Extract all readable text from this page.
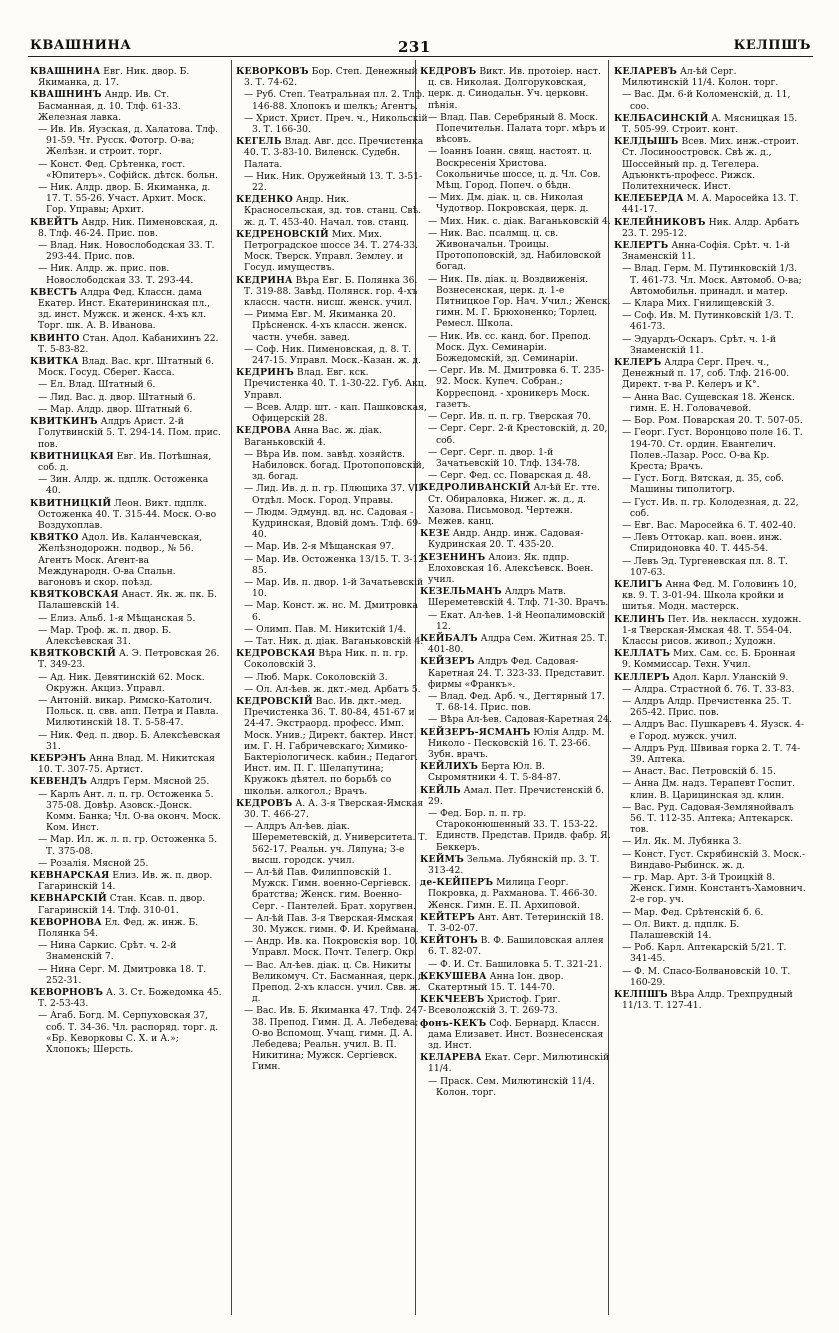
КВАШНИНА	231	КЕЛПШЪ
КВАШНИНА Евг. Ник. двор. Б. Якиманка, д. 17.
КВАШНИНЪ Андр. Ив. Ст. Басманная, д. 10. Тлф. 61-33. Железная лавка.
— Ив. Ив. Яузская, д. Халатова. Тлф. 91-59. Чт. Русск. Фотогр. О-ва; Желѣзн. и строит. торг.
— Конст. Фед. Срѣтенка, гост. «Юпитеръ». Софійск. дѣтск. больн.
— Ник. Алдр. двор. Б. Якиманка, д. 17. Т. 55-26. Участ. Архит. Моск. Гор. Управы; Архит.
КВЕЙТЪ Андр. Ник. Пименовская, д. 8. Тлф. 46-24. Прис. пов.
— Влад. Ник. Новослободская 33. Т. 293-44. Прис. пов.
— Ник. Алдр. ж. прис. пов. Новослободская 33. Т. 293-44.
КВЕСТЪ Алдра Фед. Классн. дама Екатер. Инст. Екатерининская пл., зд. инст. Мужск. и женск. 4-хъ кл. Торг. шк. А. В. Иванова.
КВИНТО Стан. Адол. Кабанихинъ 22. Т. 5-83-82.
КВИТКА Влад. Вас. крг. Штатный 6. Моск. Госуд. Сберег. Касса.
— Ел. Влад. Штатный 6.
— Лид. Вас. д. двор. Штатный 6.
— Мар. Алдр. двор. Штатный 6.
КВИТКИНЪ Алдръ Арист. 2-й Голутвинскій 5. Т. 294-14. Пом. прис. пов.
КВИТНИЦКАЯ Евг. Ив. Потѣшная, соб. д.
— Зин. Алдр. ж. пдплк. Остоженка 40.
КВИТНИЦКІЙ Леон. Викт. пдплк. Остоженка 40. Т. 315-44. Моск. О-во Воздухоплав.
КВЯТКО Адол. Ив. Каланчевская, Желѣзнодорожн. подвор., № 56. Агентъ Моск. Агент-ва Международн. О-ва Спальн. вагоновъ и скор. поѣзд.
КВЯТКОВСКАЯ Анаст. Як. ж. пк. Б. Палашевскій 14.
— Елиз. Альб. 1-я Мѣщанская 5.
— Мар. Троф. ж. п. двор. Б. Алексѣевская 31.
КВЯТКОВСКІЙ А. Э. Петровская 26. Т. 349-23.
— Ад. Ник. Девятинскій 62. Моск. Окружн. Акциз. Управл.
— Антоній. викар. Римско-Католич. Польск. ц. свв. апп. Петра и Павла. Милютинскій 18. Т. 5-58-47.
— Ник. Фед. п. двор. Б. Алексѣевская 31.
КЕБРЭНЪ Анна Влад. М. Никитская 10. Т. 307-75. Артист.
КЕВЕНДЪ Алдръ Герм. Мясной 25.
— Карлъ Ант. л. п. гр. Остоженка 5. 375-08. Довѣр. Азовск.-Донск. Комм. Банка; Чл. О-ва оконч. Моск. Ком. Инст.
— Мар. Ил. ж. л. п. гр. Остоженка 5. Т. 375-08.
— Розалія. Мясной 25.
КЕВНАРСКАЯ Елиз. Ив. ж. п. двор. Гагаринскій 14.
КЕВНАРСКІЙ Стан. Ксав. п. двор. Гагаринскій 14. Тлф. 310-01.
КЕВОРНОВА Ел. Фед. ж. инж. Б. Полянка 54.
— Нина Саркис. Срѣт. ч. 2-й Знаменскій 7.
— Нина Серг. М. Дмитровка 18. Т. 252-31.
КЕВОРНОВЪ А. 3. Ст. Божедомка 45. Т. 2-53-43.
— Агаб. Богд. М. Серпуховская 37, соб. Т. 34-36. Чл. распоряд. торг. д. «Бр. Кеворковы С. Х. и А.»; Хлопокъ; Шерсть.
КЕВОРКОВЪ Бор. Степ. Денежный 3. Т. 74-62.
— Руб. Степ. Театральная пл. 2. Тлф. 146-88. Хлопокъ и шелкъ; Агентъ.
— Христ. Христ. Преч. ч., Никольскій 3. Т. 166-30.
КЕГЕЛЬ Влад. Авг. дсс. Пречистенка 40. Т. 3-83-10. Виленск. Судебн. Палата.
— Ник. Ник. Оружейный 13. Т. 3-51-22.
КЕДЕНКО Андр. Ник. Красносельская, зд. тов. станц. Свѣ. ж. д. Т. 453-40. Начал. тов. станц.
КЕДРЕНОВСКІЙ Мих. Мих. Петроградское шоссе 34. Т. 274-33. Моск. Тверск. Управл. Землеу. и Госуд. имуществъ.
КЕДРИНА Вѣра Евг. Б. Полянка 36. Т. 319-88. Завѣд. Полянск. гор. 4-хъ классн. частн. нисш. женск. учил.
— Римма Евг. М. Якиманка 20. Прѣсненск. 4-хъ классн. женск. частн. учебн. завед.
— Соф. Ник. Пименовская, д. 8. Т. 247-15. Управл. Моск.-Казан. ж. д.
КЕДРИНЪ Влад. Евг. кск. Пречистенка 40. Т. 1-30-22. Губ. Акц. Управл.
— Всев. Алдр. шт. - кап. Пашковская, Офицерскій 28.
КЕДРОВА Анна Вас. ж. діак. Ваганьковскій 4.
— Вѣра Ив. пом. завѣд. хозяйств. Набиловск. богад. Протопоповскій, зд. богад.
— Лид. Ив. д. п. гр. Плющиха 37. VII Отдѣл. Моск. Город. Управы.
— Людм. Эдмунд. вд. нс. Садовая - Кудринская, Вдовій домъ. Тлф. 69-40.
— Мар. Ив. 2-я Мѣщанская 97.
— Мар. Ив. Остоженка 13/15. Т. 3-12-85.
— Мар. Ив. п. двор. 1-й Зачатьевскій 10.
— Мар. Конст. ж. нс. М. Дмитровка 6.
— Олимп. Пав. М. Никитскій 1/4.
— Тат. Ник. д. діак. Ваганьковскій 4.
КЕДРОВСКАЯ Вѣра Ник. п. п. гр. Соколовскій 3.
— Люб. Марк. Соколовскій 3.
— Ол. Ал-ѣев. ж. дкт.-мед. Арбатъ 5.
КЕДРОВСКІЙ Вас. Ив. дкт.-мед. Пречистенка 36. Т. 80-84, 451-67 и 24-47. Экстраорд. професс. Имп. Моск. Унив.; Директ. бактер. Инст. им. Г. Н. Габричевскаго; Химико-Бактеріологическ. кабин.; Педагог. Инст. им. П. Г. Шелапутина; Кружокъ дѣятел. по борьбѣ со школьн. алкогол.; Врачъ.
КЕДРОВЪ А. А. 3-я Тверская-Ямская 30. Т. 466-27.
— Алдръ Ал-ѣев. діак. Шереметевскій, д. Университета. Т. 562-17. Реальн. уч. Ляпуна; 3-е высш. городск. учил.
— Ал-ѣй Пав. Филипповскій 1. Мужск. Гимн. военно-Сергіевск. братства; Женск. гим. Военно-Серг. - Пантелей. Брат. хоругвен.
— Ал-ѣй Пав. 3-я Тверская-Ямская 30. Мужск. гимн. Ф. И. Креймана.
— Андр. Ив. ка. Покровскія вор. 10. Управл. Моск. Почт. Телегр. Окр.
— Вас. Ал-ѣев. діак. ц. Св. Никиты Великомуч. Ст. Басманная, церк. д. Препод. 2-хъ классн. учил. Свв. ж. д.
— Вас. Ив. Б. Якиманка 47. Тлф. 247-38. Препод. Гимн. Д. А. Лебедева; О-во Вспомощ. Учащ. гимн. Д. А. Лебедева; Реальн. учил. В. П. Никитина; Мужск. Сергіевск. Гимн.
КЕДРОВЪ Викт. Ив. протоіер. наст. ц. св. Николая. Долгоруковская, церк. д. Синодальн. Уч. церковн. пѣнія.
— Влад. Пав. Серебряный 8. Моск. Попечительн. Палата торг. мѣръ и вѣсовъ.
— Іоаннъ Іоанн. свящ. настоят. ц. Воскресенія Христова. Сокольничье шоссе, ц. д. Чл. Сов. Мѣщ. Город. Попеч. о бѣдн.
— Мих. Дм. діак. ц. св. Николая Чудотвор. Покровская, церк. д.
— Мих. Ник. с. діак. Ваганьковскій 4.
— Ник. Вас. псалмщ. ц. св. Живоначальн. Троицы. Протопоповскій, зд. Набиловской богад.
— Ник. Пв. діак. ц. Воздвиженія. Вознесенская, церк. д. 1-е Пятницкое Гор. Нач. Учил.; Женск. гимн. М. Г. Брюхоненко; Торлец. Ремесл. Школа.
— Ник. Ив. сс. канд. бог. Препод. Моск. Дух. Семинаріи. Божедомскій, зд. Семинаріи.
— Серг. Ив. М. Дмитровка 6. Т. 235-92. Моск. Купеч. Собран.; Корреспонд. - хроникеръ Моск. газетъ.
— Серг. Ив. п. п. гр. Тверская 70.
— Серг. Серг. 2-й Крестовскій, д. 20, соб.
— Серг. Серг. п. двор. 1-й Зачатьевскій 10. Тлф. 134-78.
— Серг. Фед. сс. Поварская д. 48.
КЕДРОЛИВАНСКІЙ Ал-ѣй Ег. тте. Ст. Обираловка, Нижег. ж. д., д. Хазова. Письмовод. Чертежн. Межев. канц.
КЕЗЕ Андр. Андр. инж. Садовая-Кудринская 20. Т. 435-20.
КЕЗЕНИНЪ Алоиз. Як. пдпр. Елоховская 16. Алексѣевск. Воен. учил.
КЕЗЕЛЬМАНЪ Алдръ Матв. Шереметевскій 4. Тлф. 71-30. Врачъ.
— Екат. Ал-ѣев. 1-й Неопалимовскій 12.
КЕЙБАЛЪ Алдра Сем. Житная 25. Т. 401-80.
КЕЙЗЕРЪ Алдръ Фед. Садовая-Каретная 24. Т. 323-33. Представит. фирмы «Франкъ».
— Влад. Фед. Арб. ч., Дегтярный 17. Т. 68-14. Прис. пов.
— Вѣра Ал-ѣев. Садовая-Каретная 24.
КЕЙЗЕРЪ-ЯСМАНЪ Юлія Алдр. М. Николо - Песковскій 16. Т. 23-66. Зубн. врачъ.
КЕЙЛИХЪ Берта Юл. В. Сыромятники 4. Т. 5-84-87.
КЕЙЛЬ Амал. Пет. Пречистенскій б. 29.
— Фед. Бор. п. п. гр. Староконюшенный 33. Т. 153-22. Единств. Представ. Придв. фабр. Я. Беккеръ.
КЕЙМЪ Зельма. Лубянскій пр. 3. Т. 313-42.
де-КЕЙПЕРЪ Милица Георг. Покровка, д. Рахманова. Т. 466-30. Женск. Гимн. Е. П. Архиповой.
КЕЙТЕРЪ Ант. Ант. Тетеринскій 18. Т. 3-02-07.
КЕЙТОНЪ В. Ф. Башиловская аллея 6. Т. 82-07.
— Ф. И. Ст. Башиловка 5. Т. 321-21.
КЕКУШЕВА Анна Іон. двор. Скатертный 15. Т. 144-70.
КЕКЧЕЕВЪ Христоф. Григ. Всеволожскій 3. Т. 269-73.
фонъ-КЕКЪ Соф. Бернард. Классн. дама Елизавет. Инст. Вознесенская зд. Инст.
КЕЛАРЕВА Екат. Серг. Милютинскій 11/4.
— Праск. Сем. Милютинскій 11/4. Колон. торг.
КЕЛАРЕВЪ Ал-ѣй Серг. Милютинскій 11/4. Колон. торг.
— Вас. Дм. 6-й Коломенскій, д. 11, соо.
КЕЛБАСИНСКІЙ А. Мясницкая 15. Т. 505-99. Строит. конт.
КЕЛДЫШЪ Всев. Мих. инж.-строит. Ст. Лосиноостровск. Свѣ ж. д., Шоссейный пр. д. Тегелера. Адъюнктъ-професс. Рижск. Политехническ. Инст.
КЕЛЕБЕРДА М. А. Маросейка 13. Т. 441-17.
КЕЛЕЙНИКОВЪ Ник. Алдр. Арбатъ 23. Т. 295-12.
КЕЛЕРТЪ Анна-Софія. Срѣт. ч. 1-й Знаменскій 11.
— Влад. Герм. М. Путинковскій 1/3. Т. 461-73. Чл. Моск. Автомоб. О-ва; Автомобильн. принадл. и матер.
— Клара Мих. Гнилищевскій 3.
— Соф. Ив. М. Путинковскій 1/3. Т. 461-73.
— Эдуардъ-Оскаръ. Срѣт. ч. 1-й Знаменскій 11.
КЕЛЕРЪ Алдра Серг. Преч. ч., Денежный п. 17, соб. Тлф. 216-00. Директ. т-ва Р. Келеръ и К°.
— Анна Вас. Сущевская 18. Женск. гимн. Е. Н. Головачевой.
— Бор. Ром. Поварская 20. Т. 507-05.
— Георг. Густ. Воронцово поле 16. Т. 194-70. Ст. ордин. Евангелич. Полев.-Лазар. Росс. О-ва Кр. Креста; Врачъ.
— Густ. Богд. Вятская, д. 35, соб. Машины типолитогр.
— Густ. Ив. п. гр. Колодезная, д. 22, соб.
— Евг. Вас. Маросейка 6. Т. 402-40.
— Левъ Оттокар. кап. воен. инж. Спиридоновка 40. Т. 445-54.
— Левъ Эд. Тургеневская пл. 8. Т. 107-63.
КЕЛИГЪ Анна Фед. М. Головинъ 10, кв. 9. Т. 3-01-94. Школа кройки и шитья. Модн. мастерск.
КЕЛИНЪ Пет. Ив. неклассн. художн. 1-я Тверская-Ямская 48. Т. 554-04. Классы рисов. живоп.; Художн.
КЕЛЛАТЪ Мих. Сам. сс. Б. Бронная 9. Коммиссар. Техн. Учил.
КЕЛЛЕРЪ Адол. Карл. Уланскій 9.
— Алдра. Страстной б. 76. Т. 33-83.
— Алдръ Алдр. Пречистенка 25. Т. 265-42. Прис. пов.
— Алдръ Вас. Пушкаревъ 4. Яузск. 4-е Город. мужск. учил.
— Алдръ Руд. Швивая горка 2. Т. 74-39. Аптека.
— Анаст. Вас. Петровскій б. 15.
— Анна Дм. надз. Терапевт Госпит. клин. В. Царицинская зд. клин.
— Вас. Руд. Садовая-Землянойвалъ 56. Т. 112-35. Аптека; Аптекарск. тов.
— Ил. Як. М. Лубянка 3.
— Конст. Густ. Скрябинскій 3. Моск.-Виндаво-Рыбинск. ж. д.
— гр. Мар. Арт. 3-й Троицкій 8. Женск. Гимн. Константъ-Хамовнич. 2-е гор. уч.
— Мар. Фед. Срѣтенскій б. 6.
— Ол. Викт. д. пдплк. Б. Палашевскій 14.
— Роб. Карл. Аптекарскій 5/21. Т. 341-45.
— Ф. М. Спасо-Болвановскій 10. Т. 160-29.
КЕЛПШЪ Вѣра Алдр. Трехпрудный 11/13. Т. 127-41.
